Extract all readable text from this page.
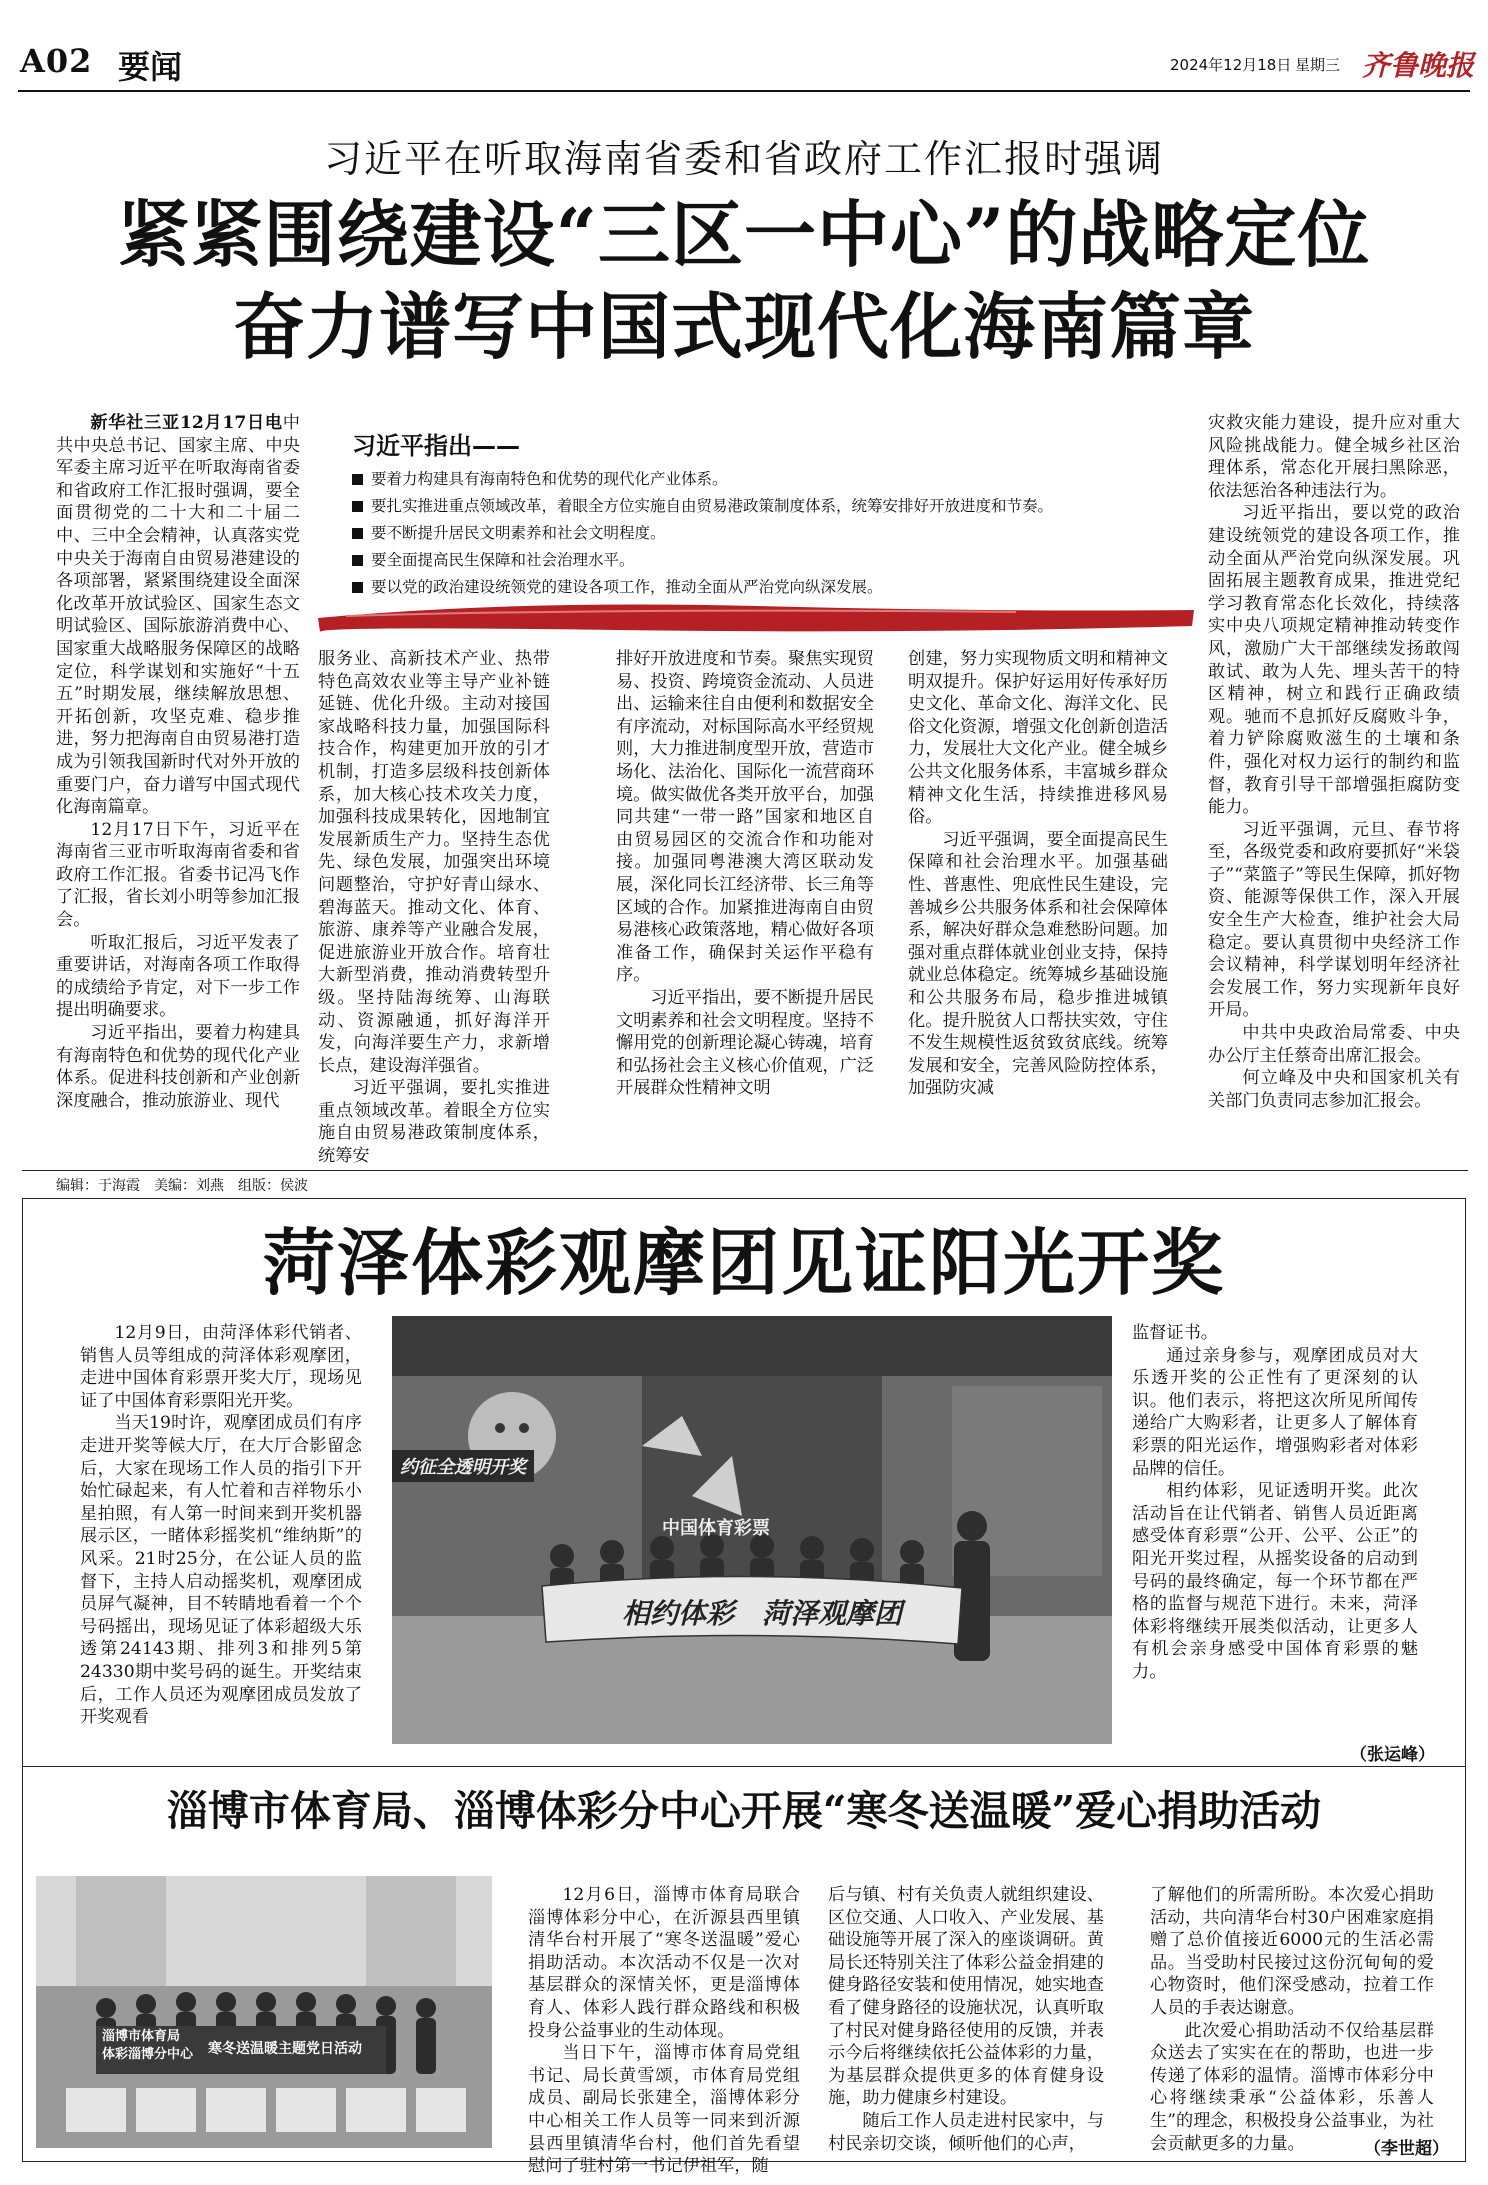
A02 要闻	2024年12月18日 星期三 齐鲁晚报
习近平在听取海南省委和省政府工作汇报时强调
紧紧围绕建设“三区一中心”的战略定位
奋力谱写中国式现代化海南篇章

新华社三亚12月17日电中共中央总书记、国家主席、中央军委主席习近平在听取海南省委和省政府工作汇报时强调，要全面贯彻党的二十大和二十届二中、三中全会精神，认真落实党中央关于海南自由贸易港建设的各项部署，紧紧围绕建设全面深化改革开放试验区、国家生态文明试验区、国际旅游消费中心、国家重大战略服务保障区的战略定位，科学谋划和实施好“十五五”时期发展，继续解放思想、开拓创新，攻坚克难、稳步推进，努力把海南自由贸易港打造成为引领我国新时代对外开放的重要门户，奋力谱写中国式现代化海南篇章。

12月17日下午，习近平在海南省三亚市听取海南省委和省政府工作汇报。省委书记冯飞作了汇报，省长刘小明等参加汇报会。

听取汇报后，习近平发表了重要讲话，对海南各项工作取得的成绩给予肯定，对下一步工作提出明确要求。

习近平指出，要着力构建具有海南特色和优势的现代化产业体系。促进科技创新和产业创新深度融合，推动旅游业、现代

习近平指出——
要着力构建具有海南特色和优势的现代化产业体系。
要扎实推进重点领域改革，着眼全方位实施自由贸易港政策制度体系，统筹安排好开放进度和节奏。
要不断提升居民文明素养和社会文明程度。
要全面提高民生保障和社会治理水平。
要以党的政治建设统领党的建设各项工作，推动全面从严治党向纵深发展。

服务业、高新技术产业、热带特色高效农业等主导产业补链延链、优化升级。主动对接国家战略科技力量，加强国际科技合作，构建更加开放的引才机制，打造多层级科技创新体系，加大核心技术攻关力度，加强科技成果转化，因地制宜发展新质生产力。坚持生态优先、绿色发展，加强突出环境问题整治，守护好青山绿水、碧海蓝天。推动文化、体育、旅游、康养等产业融合发展，促进旅游业开放合作。培育壮大新型消费，推动消费转型升级。坚持陆海统筹、山海联动、资源融通，抓好海洋开发，向海洋要生产力，求新增长点，建设海洋强省。

习近平强调，要扎实推进重点领域改革。着眼全方位实施自由贸易港政策制度体系，统筹安

排好开放进度和节奏。聚焦实现贸易、投资、跨境资金流动、人员进出、运输来往自由便利和数据安全有序流动，对标国际高水平经贸规则，大力推进制度型开放，营造市场化、法治化、国际化一流营商环境。做实做优各类开放平台，加强同共建“一带一路”国家和地区自由贸易园区的交流合作和功能对接。加强同粤港澳大湾区联动发展，深化同长江经济带、长三角等区域的合作。加紧推进海南自由贸易港核心政策落地，精心做好各项准备工作，确保封关运作平稳有序。

习近平指出，要不断提升居民文明素养和社会文明程度。坚持不懈用党的创新理论凝心铸魂，培育和弘扬社会主义核心价值观，广泛开展群众性精神文明

创建，努力实现物质文明和精神文明双提升。保护好运用好传承好历史文化、革命文化、海洋文化、民俗文化资源，增强文化创新创造活力，发展壮大文化产业。健全城乡公共文化服务体系，丰富城乡群众精神文化生活，持续推进移风易俗。

习近平强调，要全面提高民生保障和社会治理水平。加强基础性、普惠性、兜底性民生建设，完善城乡公共服务体系和社会保障体系，解决好群众急难愁盼问题。加强对重点群体就业创业支持，保持就业总体稳定。统筹城乡基础设施和公共服务布局，稳步推进城镇化。提升脱贫人口帮扶实效，守住不发生规模性返贫致贫底线。统筹发展和安全，完善风险防控体系，加强防灾减

灾救灾能力建设，提升应对重大风险挑战能力。健全城乡社区治理体系，常态化开展扫黑除恶，依法惩治各种违法行为。

习近平指出，要以党的政治建设统领党的建设各项工作，推动全面从严治党向纵深发展。巩固拓展主题教育成果，推进党纪学习教育常态化长效化，持续落实中央八项规定精神推动转变作风，激励广大干部继续发扬敢闯敢试、敢为人先、埋头苦干的特区精神，树立和践行正确政绩观。驰而不息抓好反腐败斗争，着力铲除腐败滋生的土壤和条件，强化对权力运行的制约和监督，教育引导干部增强拒腐防变能力。

习近平强调，元旦、春节将至，各级党委和政府要抓好“米袋子”“菜篮子”等民生保障，抓好物资、能源等保供工作，深入开展安全生产大检查，维护社会大局稳定。要认真贯彻中央经济工作会议精神，科学谋划明年经济社会发展工作，努力实现新年良好开局。

中共中央政治局常委、中央办公厅主任蔡奇出席汇报会。

何立峰及中央和国家机关有关部门负责同志参加汇报会。

编辑：于海霞　美编：刘燕　组版：侯波
菏泽体彩观摩团见证阳光开奖

12月9日，由菏泽体彩代销者、销售人员等组成的菏泽体彩观摩团，走进中国体育彩票开奖大厅，现场见证了中国体育彩票阳光开奖。

当天19时许，观摩团成员们有序走进开奖等候大厅，在大厅合影留念后，大家在现场工作人员的指引下开始忙碌起来，有人忙着和吉祥物乐小星拍照，有人第一时间来到开奖机器展示区，一睹体彩摇奖机“维纳斯”的风采。21时25分，在公证人员的监督下，主持人启动摇奖机，观摩团成员屏气凝神，目不转睛地看着一个个号码摇出，现场见证了体彩超级大乐透第24143期、排列3和排列5第24330期中奖号码的诞生。开奖结束后，工作人员还为观摩团成员发放了开奖观看

相约体彩　菏泽观摩团
中国体育彩票
约征全透明开奖

监督证书。

通过亲身参与，观摩团成员对大乐透开奖的公正性有了更深刻的认识。他们表示，将把这次所见所闻传递给广大购彩者，让更多人了解体育彩票的阳光运作，增强购彩者对体彩品牌的信任。

相约体彩，见证透明开奖。此次活动旨在让代销者、销售人员近距离感受体育彩票“公开、公平、公正”的阳光开奖过程，从摇奖设备的启动到号码的最终确定，每一个环节都在严格的监督与规范下进行。未来，菏泽体彩将继续开展类似活动，让更多人有机会亲身感受中国体育彩票的魅力。

（张运峰）
淄博市体育局、淄博体彩分中心开展“寒冬送温暖”爱心捐助活动
淄博市体育局
体彩淄博分中心 寒冬送温暖主题党日活动

12月6日，淄博市体育局联合淄博体彩分中心，在沂源县西里镇清华台村开展了“寒冬送温暖”爱心捐助活动。本次活动不仅是一次对基层群众的深情关怀，更是淄博体育人、体彩人践行群众路线和积极投身公益事业的生动体现。

当日下午，淄博市体育局党组书记、局长黄雪颂，市体育局党组成员、副局长张建全，淄博体彩分中心相关工作人员等一同来到沂源县西里镇清华台村，他们首先看望慰问了驻村第一书记伊祖军，随

后与镇、村有关负责人就组织建设、区位交通、人口收入、产业发展、基础设施等开展了深入的座谈调研。黄局长还特别关注了体彩公益金捐建的健身路径安装和使用情况，她实地查看了健身路径的设施状况，认真听取了村民对健身路径使用的反馈，并表示今后将继续依托公益体彩的力量，为基层群众提供更多的体育健身设施，助力健康乡村建设。

随后工作人员走进村民家中，与村民亲切交谈，倾听他们的心声，

了解他们的所需所盼。本次爱心捐助活动，共向清华台村30户困难家庭捐赠了总价值接近6000元的生活必需品。当受助村民接过这份沉甸甸的爱心物资时，他们深受感动，拉着工作人员的手表达谢意。

此次爱心捐助活动不仅给基层群众送去了实实在在的帮助，也进一步传递了体彩的温情。淄博市体彩分中心将继续秉承“公益体彩，乐善人生”的理念，积极投身公益事业，为社会贡献更多的力量。	（李世超）
